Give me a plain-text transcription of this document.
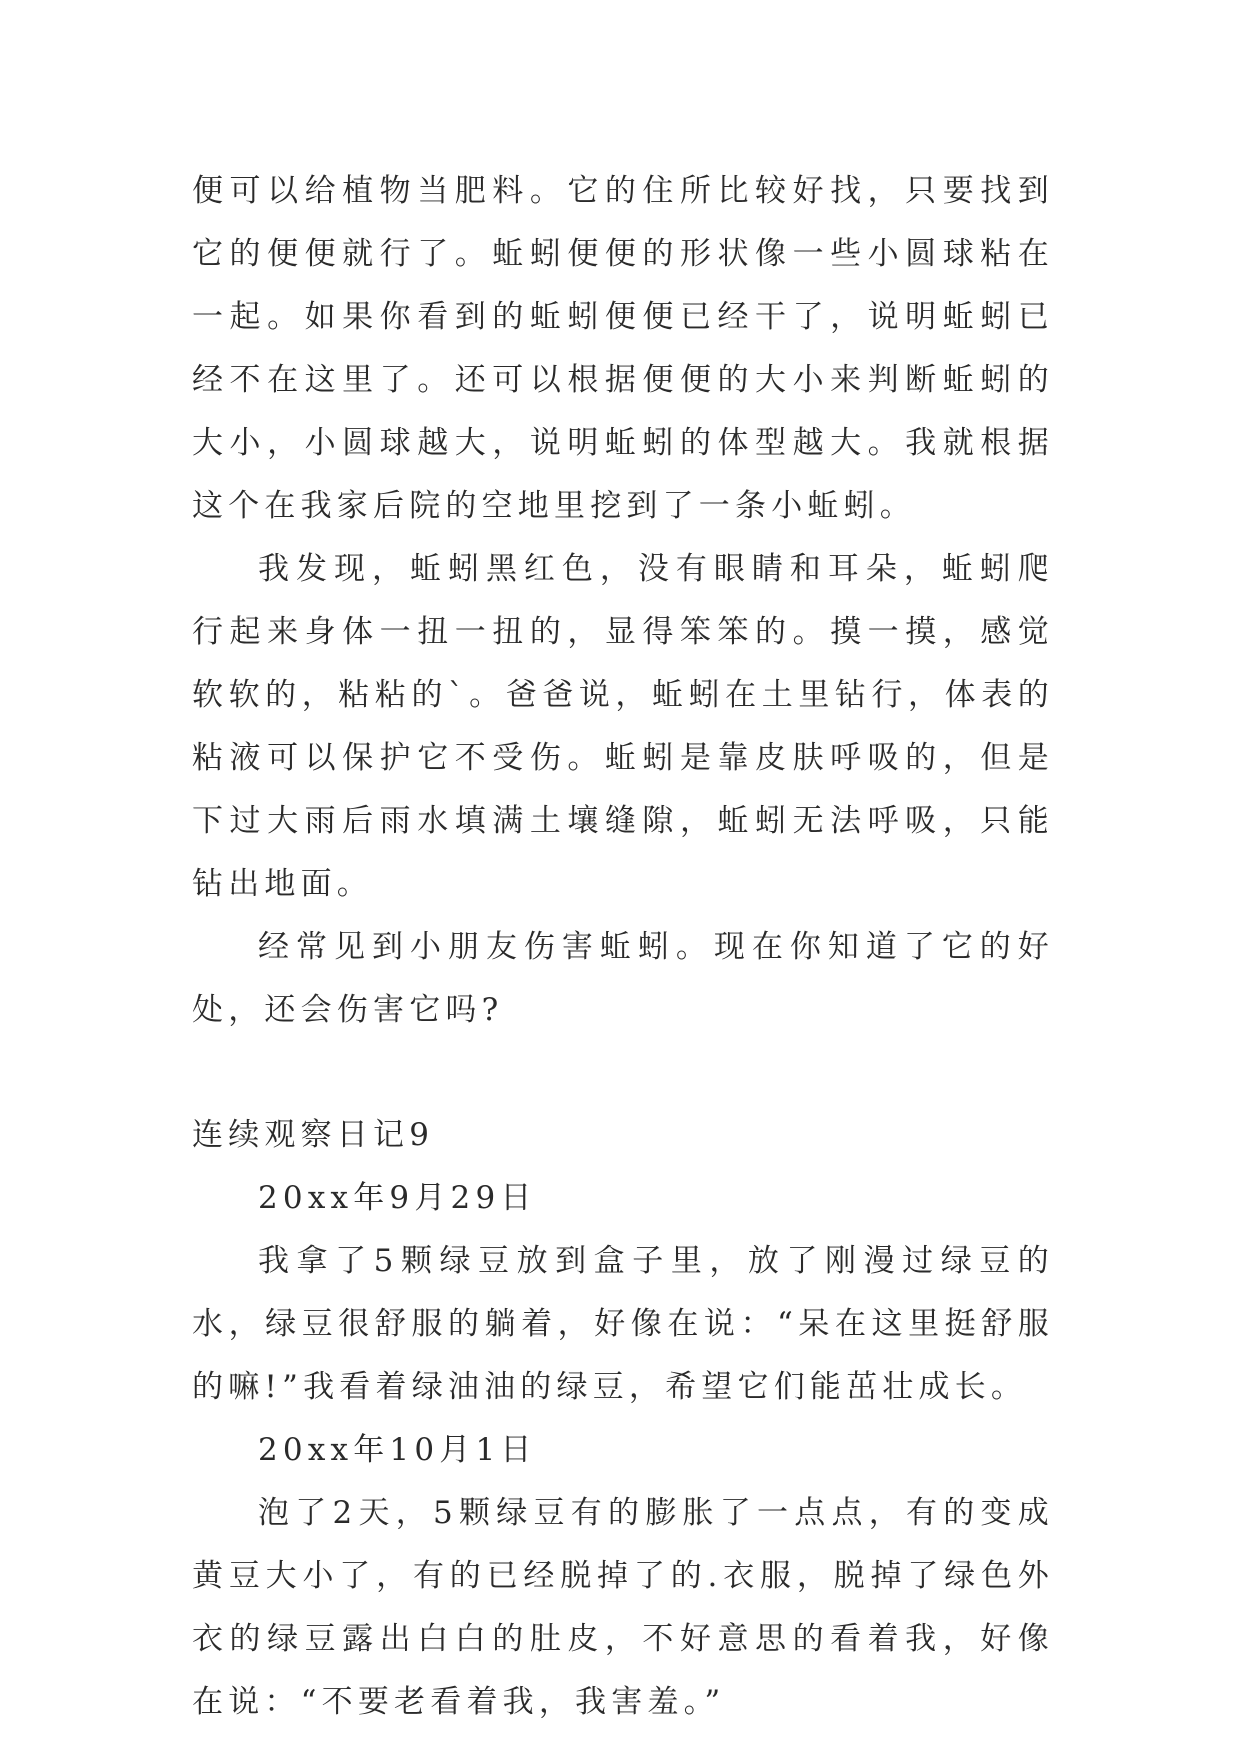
便可以给植物当肥料。它的住所比较好找，只要找到它的便便就行了。蚯蚓便便的形状像一些小圆球粘在一起。如果你看到的蚯蚓便便已经干了，说明蚯蚓已经不在这里了。还可以根据便便的大小来判断蚯蚓的大小，小圆球越大，说明蚯蚓的体型越大。我就根据这个在我家后院的空地里挖到了一条小蚯蚓。

我发现，蚯蚓黑红色，没有眼睛和耳朵，蚯蚓爬行起来身体一扭一扭的，显得笨笨的。摸一摸，感觉软软的，粘粘的`。爸爸说，蚯蚓在土里钻行，体表的粘液可以保护它不受伤。蚯蚓是靠皮肤呼吸的，但是下过大雨后雨水填满土壤缝隙，蚯蚓无法呼吸，只能钻出地面。

经常见到小朋友伤害蚯蚓。现在你知道了它的好处，还会伤害它吗?

连续观察日记9

20xx年9月29日

我拿了5颗绿豆放到盒子里，放了刚漫过绿豆的水，绿豆很舒服的躺着，好像在说：“呆在这里挺舒服的嘛!”我看着绿油油的绿豆，希望它们能茁壮成长。

20xx年10月1日

泡了2天，5颗绿豆有的膨胀了一点点，有的变成黄豆大小了，有的已经脱掉了的.衣服，脱掉了绿色外衣的绿豆露出白白的肚皮，不好意思的看着我，好像在说：“不要老看着我，我害羞。”
